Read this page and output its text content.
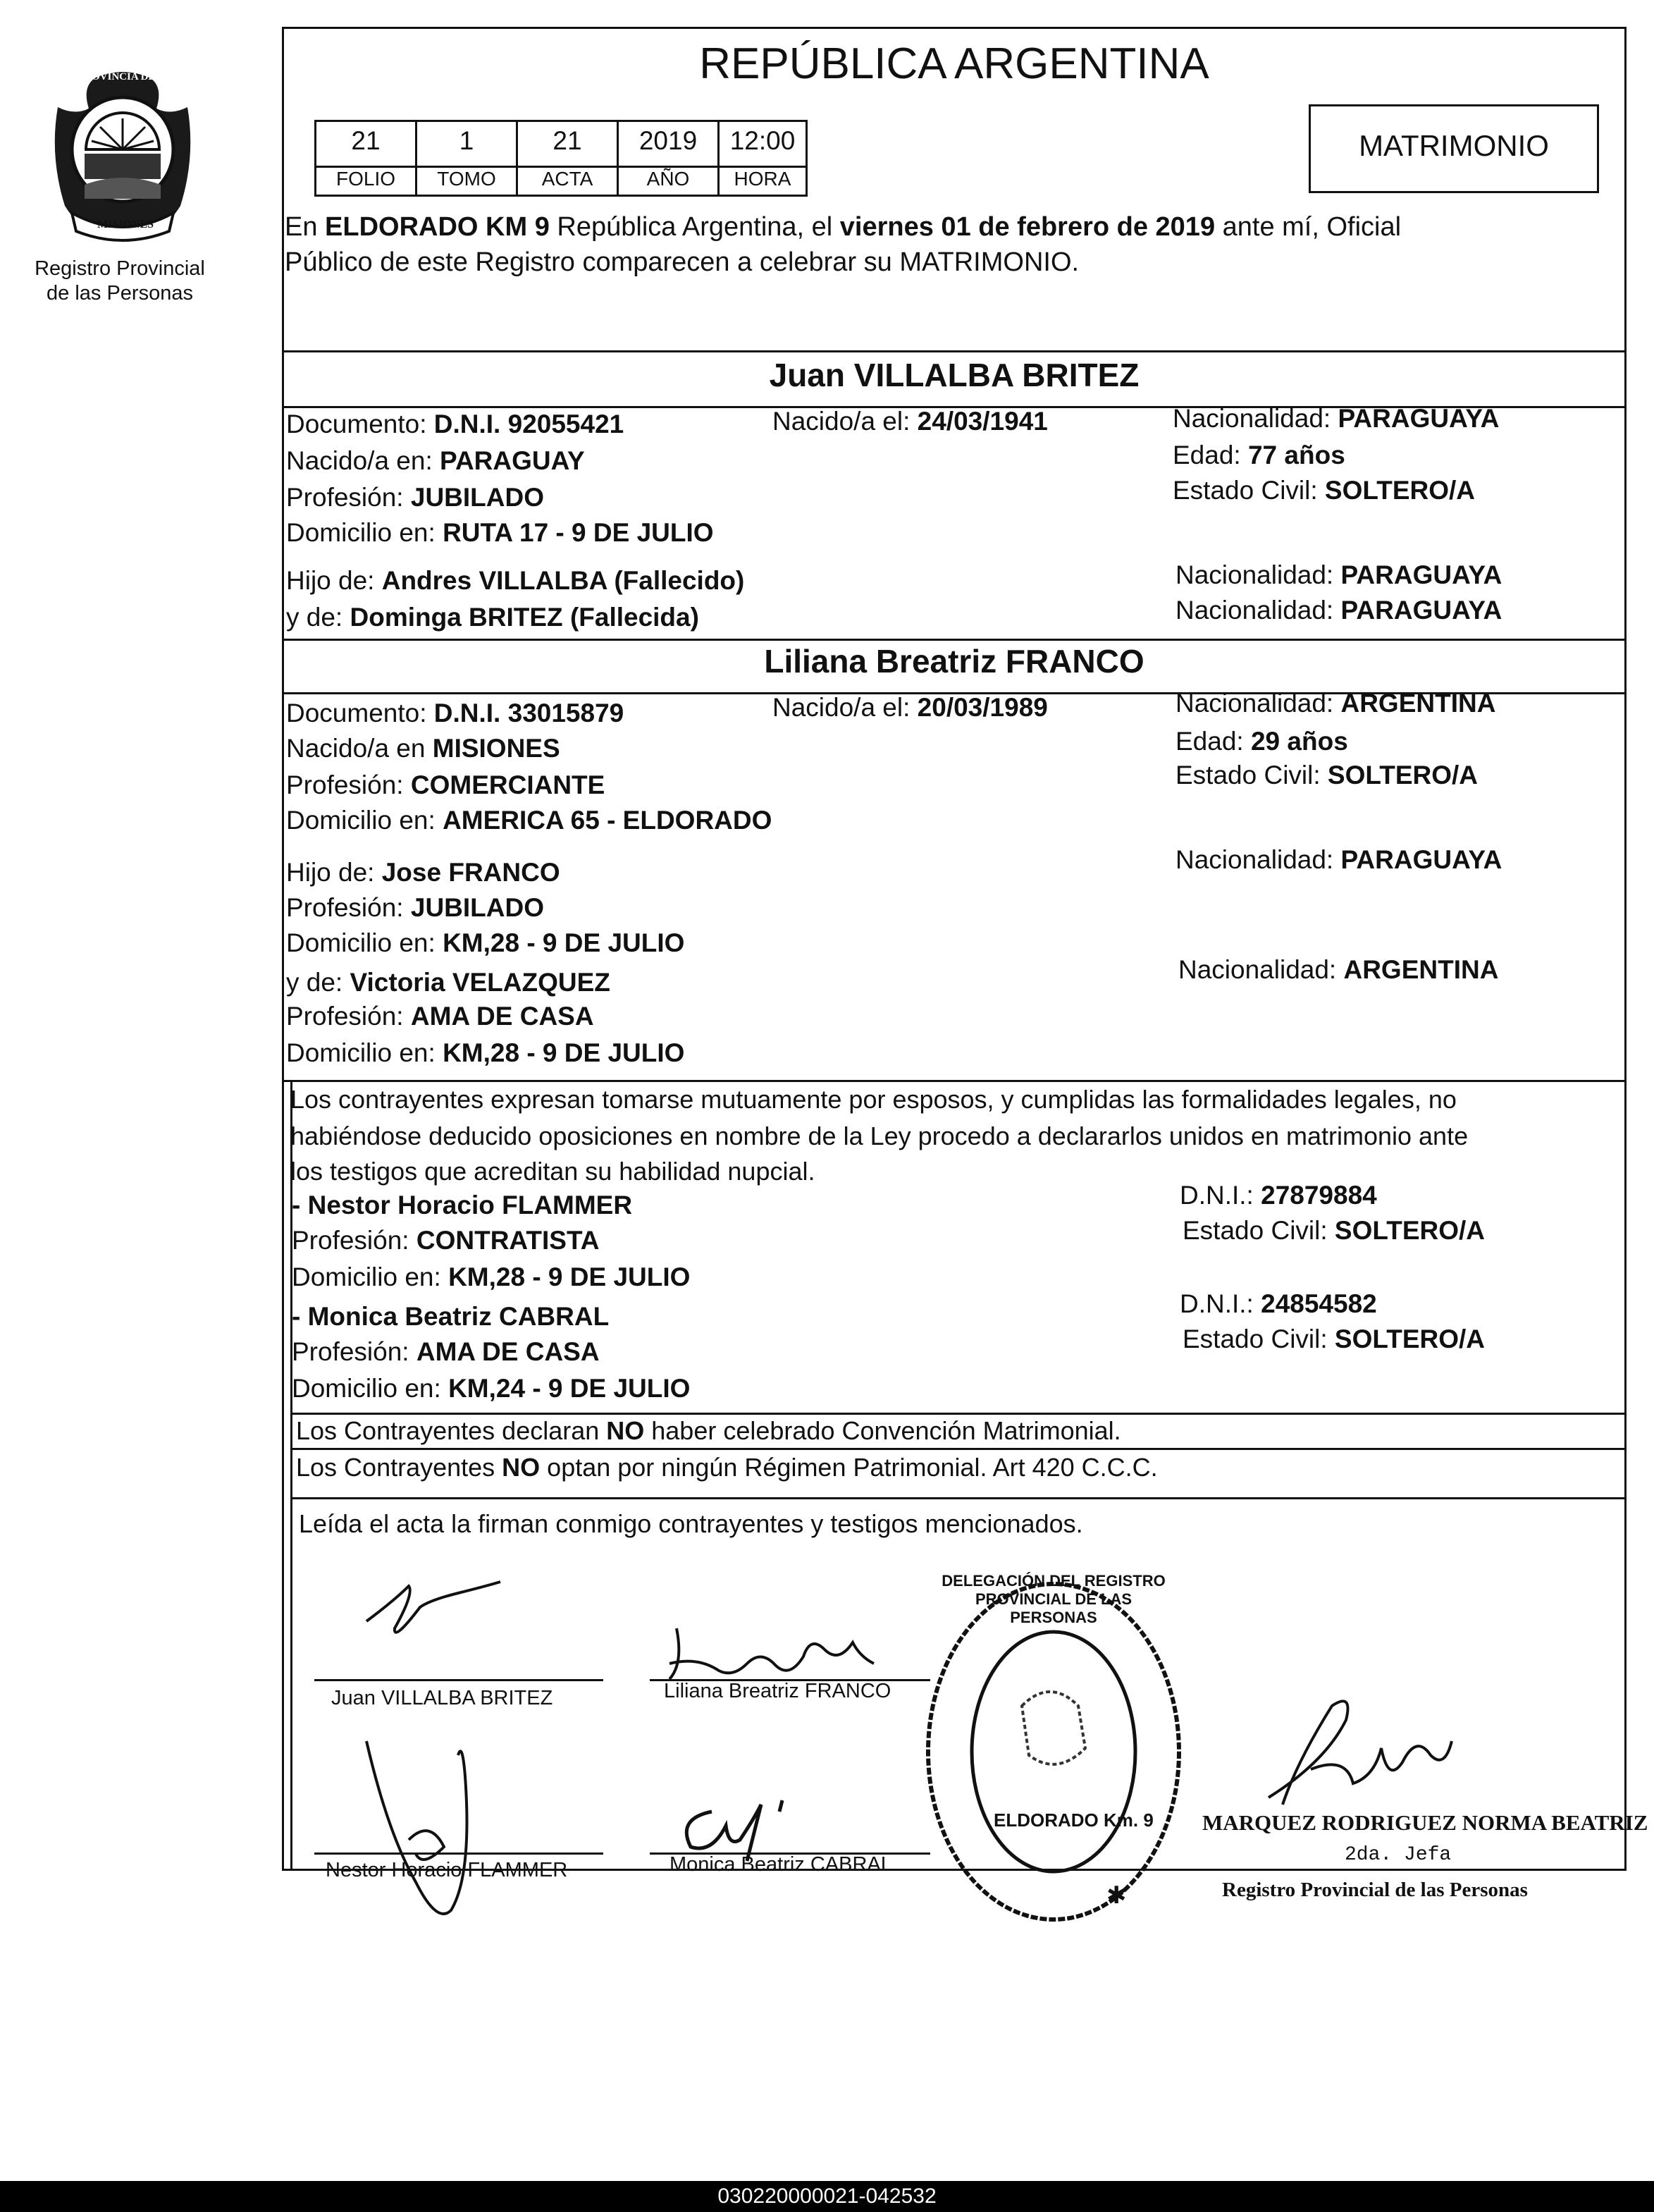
PROVINCIA DE
MISIONES
Registro Provincial
de las Personas
REPÚBLICA ARGENTINA
21	1	21	2019	12:00
FOLIO	TOMO	ACTA	AÑO	HORA
MATRIMONIO
En ELDORADO KM 9 República Argentina, el viernes 01 de febrero de 2019 ante mí, Oficial
Público de este Registro comparecen a celebrar su MATRIMONIO.
Juan VILLALBA BRITEZ
Documento: D.N.I. 92055421	Nacido/a el: 24/03/1941	Nacionalidad: PARAGUAYA
Nacido/a en: PARAGUAY	Edad: 77 años
Profesión: JUBILADO	Estado Civil: SOLTERO/A
Domicilio en: RUTA 17 - 9 DE JULIO
Hijo de: Andres VILLALBA (Fallecido)	Nacionalidad: PARAGUAYA
y de: Dominga BRITEZ (Fallecida)	Nacionalidad: PARAGUAYA
Liliana Breatriz FRANCO
Documento: D.N.I. 33015879	Nacido/a el: 20/03/1989	Nacionalidad: ARGENTINA
Nacido/a en MISIONES	Edad: 29 años
Profesión: COMERCIANTE	Estado Civil: SOLTERO/A
Domicilio en: AMERICA 65 - ELDORADO
Hijo de: Jose FRANCO	Nacionalidad: PARAGUAYA
Profesión: JUBILADO
Domicilio en: KM,28 - 9 DE JULIO
y de: Victoria VELAZQUEZ	Nacionalidad: ARGENTINA
Profesión: AMA DE CASA
Domicilio en: KM,28 - 9 DE JULIO
Los contrayentes expresan tomarse mutuamente por esposos, y cumplidas las formalidades legales, no
habiéndose deducido oposiciones en nombre de la Ley procedo a declararlos unidos en matrimonio ante
los testigos que acreditan su habilidad nupcial.
- Nestor Horacio FLAMMER
Profesión: CONTRATISTA
Domicilio en: KM,28 - 9 DE JULIO
D.N.I.: 27879884
Estado Civil: SOLTERO/A
- Monica Beatriz CABRAL
Profesión: AMA DE CASA
Domicilio en: KM,24 - 9 DE JULIO
D.N.I.: 24854582
Estado Civil: SOLTERO/A
Los Contrayentes declaran NO haber celebrado Convención Matrimonial.
Los Contrayentes NO optan por ningún Régimen Patrimonial. Art 420 C.C.C.
Leída el acta la firman conmigo contrayentes y testigos mencionados.
Juan VILLALBA BRITEZ	Liliana Breatriz FRANCO
Nestor Horacio FLAMMER	Monica Beatriz CABRAL
✱
DELEGACIÓN DEL REGISTRO PROVINCIAL DE LAS PERSONAS
ELDORADO Km. 9 MARQUEZ RODRIGUEZ NORMA BEATRIZ
2da. Jefa
Registro Provincial de las Personas
030220000021-042532
